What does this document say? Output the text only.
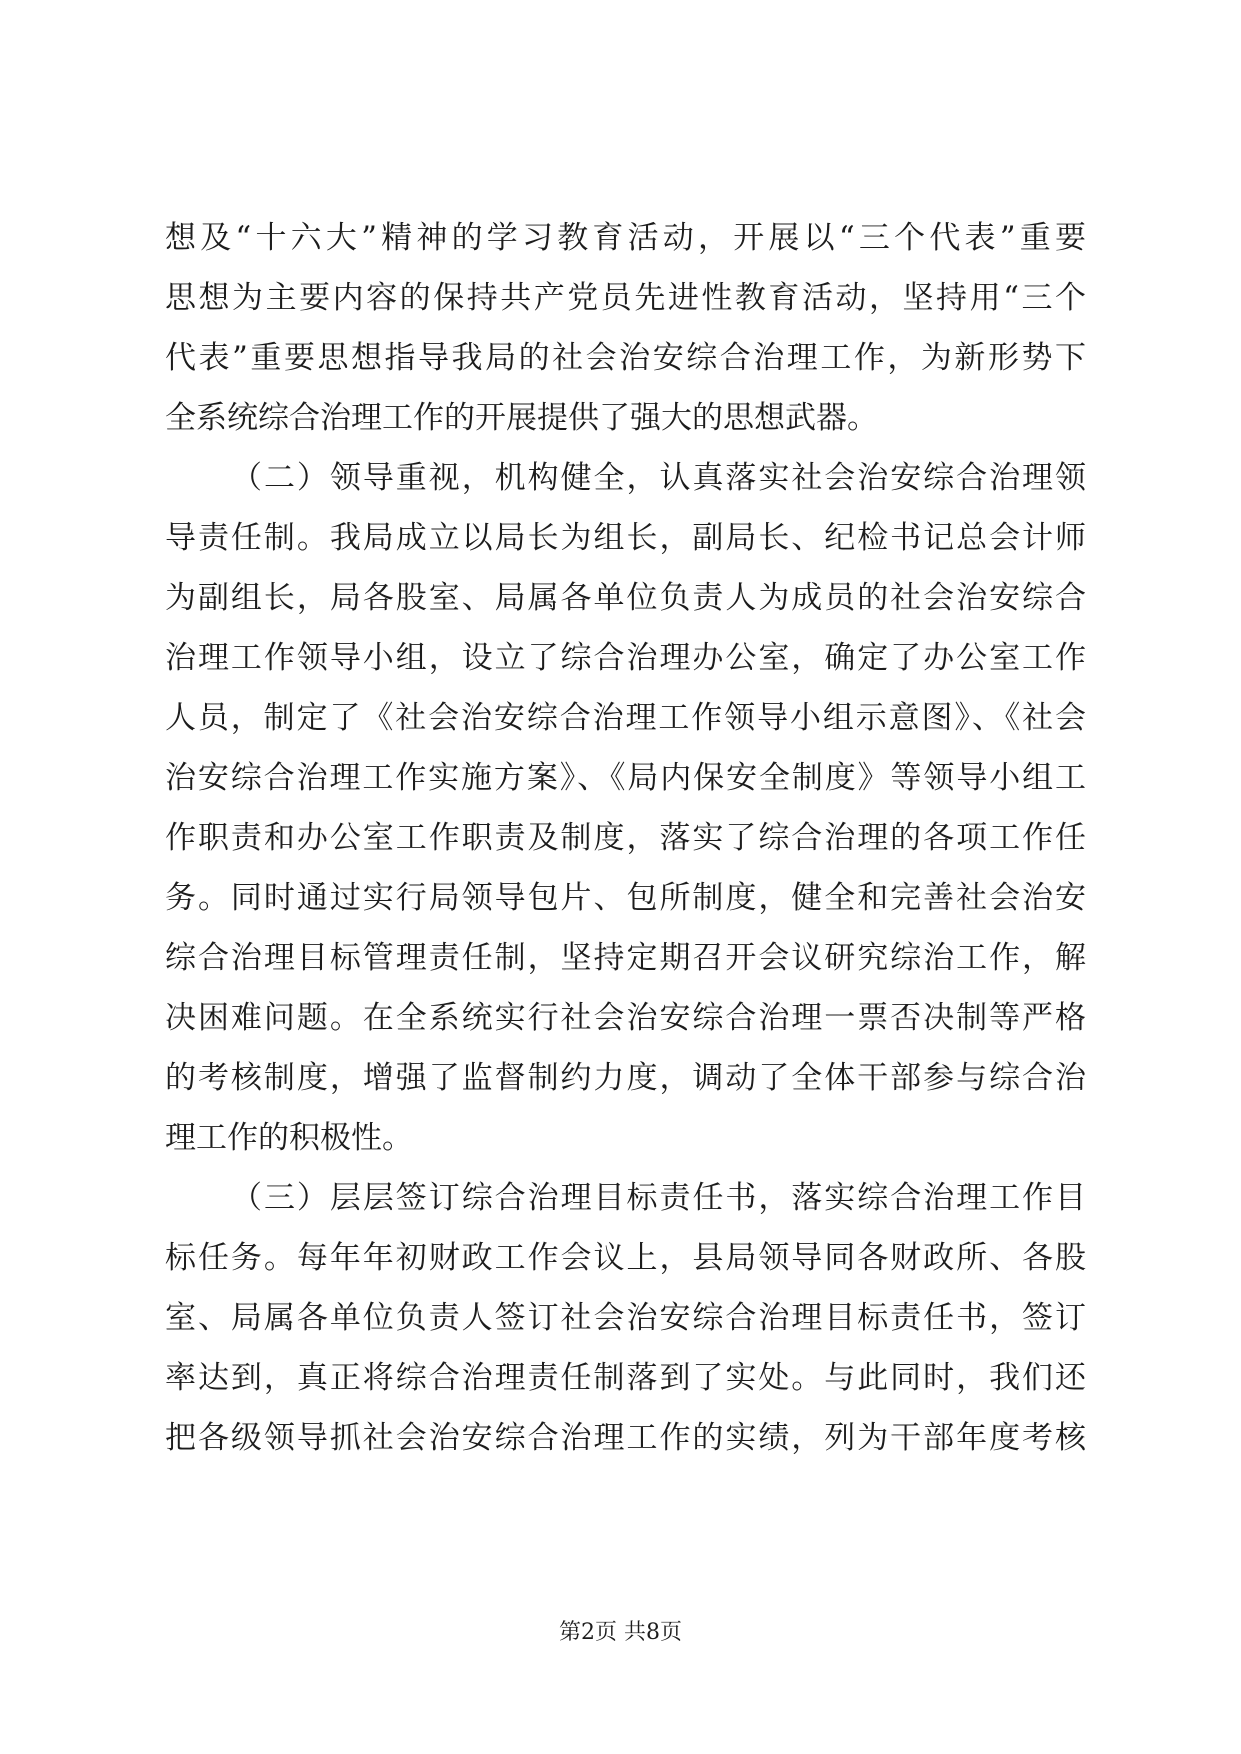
想及“十六大”精神的学习教育活动，开展以“三个代表”重要
思想为主要内容的保持共产党员先进性教育活动，坚持用“三个
代表”重要思想指导我局的社会治安综合治理工作，为新形势下
全系统综合治理工作的开展提供了强大的思想武器。
（二）领导重视，机构健全，认真落实社会治安综合治理领
导责任制。我局成立以局长为组长，副局长、纪检书记总会计师
为副组长，局各股室、局属各单位负责人为成员的社会治安综合
治理工作领导小组，设立了综合治理办公室，确定了办公室工作
人员，制定了《社会治安综合治理工作领导小组示意图》、《社会
治安综合治理工作实施方案》、《局内保安全制度》等领导小组工
作职责和办公室工作职责及制度，落实了综合治理的各项工作任
务。同时通过实行局领导包片、包所制度，健全和完善社会治安
综合治理目标管理责任制，坚持定期召开会议研究综治工作，解
决困难问题。在全系统实行社会治安综合治理一票否决制等严格
的考核制度，增强了监督制约力度，调动了全体干部参与综合治
理工作的积极性。
（三）层层签订综合治理目标责任书，落实综合治理工作目
标任务。每年年初财政工作会议上，县局领导同各财政所、各股
室、局属各单位负责人签订社会治安综合治理目标责任书，签订
率达到，真正将综合治理责任制落到了实处。与此同时，我们还
把各级领导抓社会治安综合治理工作的实绩，列为干部年度考核
第2页 共8页
